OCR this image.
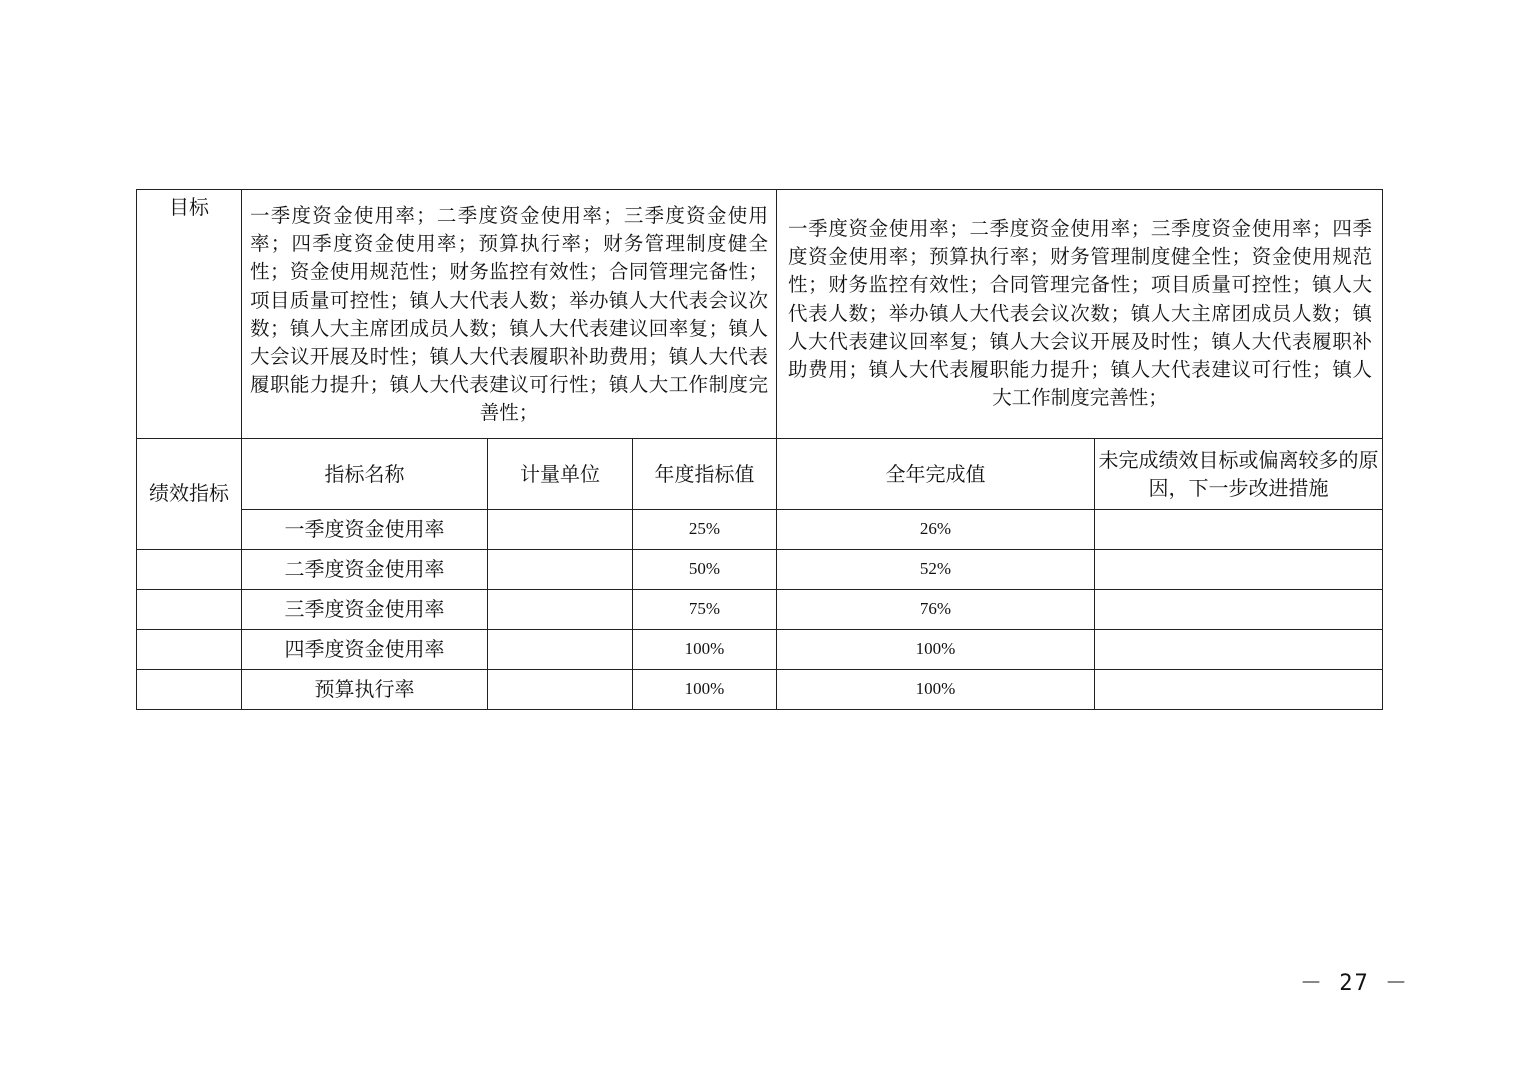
目标	一季度资金使用率；二季度资金使用率；三季度资金使用率；四季度资金使用率；预算执行率；财务管理制度健全性；资金使用规范性；财务监控有效性；合同管理完备性；项目质量可控性；镇人大代表人数；举办镇人大代表会议次数；镇人大主席团成员人数；镇人大代表建议回率复；镇人大会议开展及时性；镇人大代表履职补助费用；镇人大代表履职能力提升；镇人大代表建议可行性；镇人大工作制度完善性；			一季度资金使用率；二季度资金使用率；三季度资金使用率；四季度资金使用率；预算执行率；财务管理制度健全性；资金使用规范性；财务监控有效性；合同管理完备性；项目质量可控性；镇人大代表人数；举办镇人大代表会议次数；镇人大主席团成员人数；镇人大代表建议回率复；镇人大会议开展及时性；镇人大代表履职补助费用；镇人大代表履职能力提升；镇人大代表建议可行性；镇人大工作制度完善性；	
绩效指标	指标名称	计量单位	年度指标值	全年完成值	未完成绩效目标或偏离较多的原因，下一步改进措施
	一季度资金使用率		25%	26%	
	二季度资金使用率		50%	52%	
	三季度资金使用率		75%	76%	
	四季度资金使用率		100%	100%	
	预算执行率		100%	100%	
－ 27 －
